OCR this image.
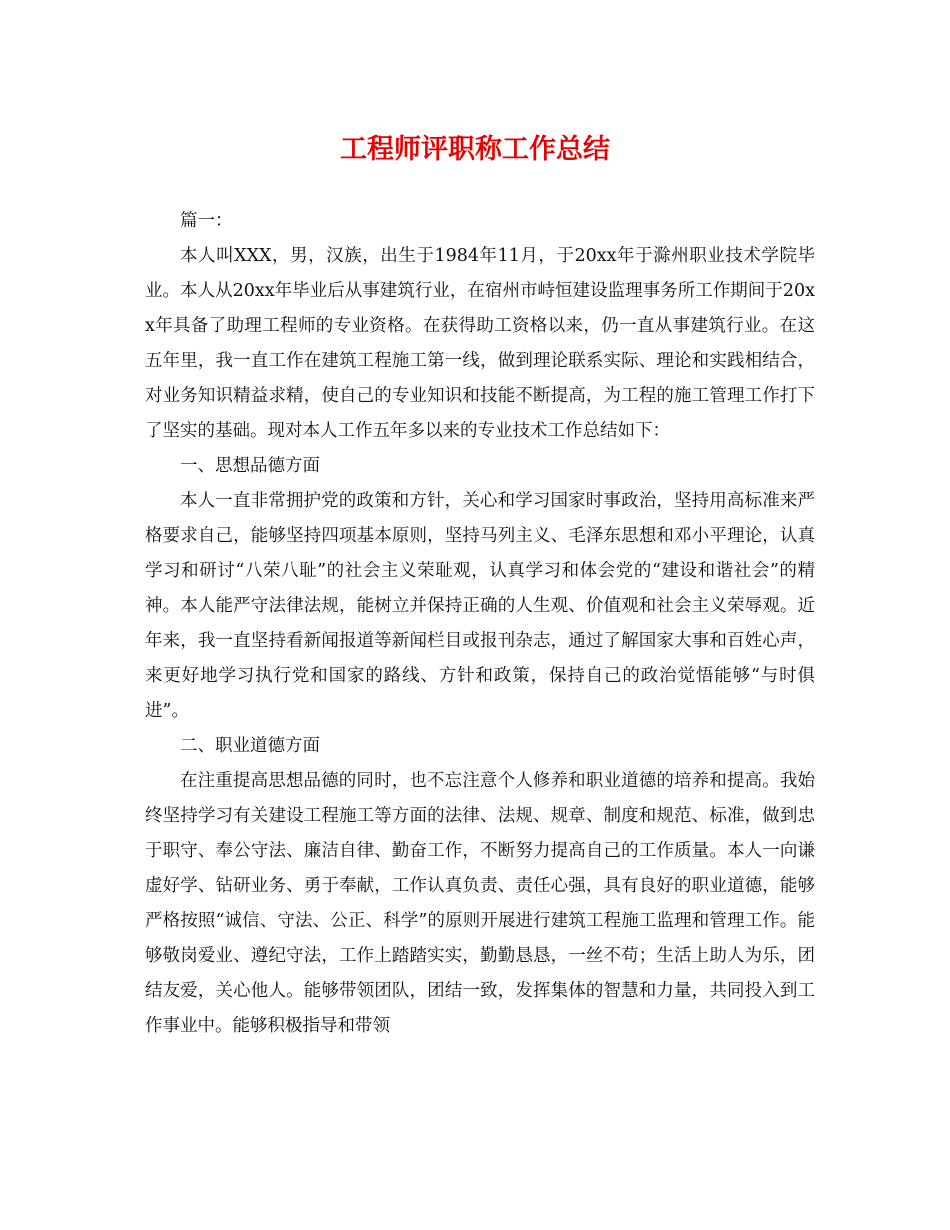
工程师评职称工作总结

篇一：

本人叫XXX，男，汉族，出生于1984年11月，于20xx年于滁州职业技术学院毕业。本人从20xx年毕业后从事建筑行业，在宿州市峙恒建设监理事务所工作期间于20xx年具备了助理工程师的专业资格。在获得助工资格以来，仍一直从事建筑行业。在这五年里，我一直工作在建筑工程施工第一线，做到理论联系实际、理论和实践相结合，对业务知识精益求精，使自己的专业知识和技能不断提高，为工程的施工管理工作打下了坚实的基础。现对本人工作五年多以来的专业技术工作总结如下：

一、思想品德方面

本人一直非常拥护党的政策和方针，关心和学习国家时事政治，坚持用高标准来严格要求自己，能够坚持四项基本原则，坚持马列主义、毛泽东思想和邓小平理论，认真学习和研讨“八荣八耻”的社会主义荣耻观，认真学习和体会党的“建设和谐社会”的精神。本人能严守法律法规，能树立并保持正确的人生观、价值观和社会主义荣辱观。近年来，我一直坚持看新闻报道等新闻栏目或报刊杂志，通过了解国家大事和百姓心声，来更好地学习执行党和国家的路线、方针和政策，保持自己的政治觉悟能够“与时俱进”。

二、职业道德方面

在注重提高思想品德的同时，也不忘注意个人修养和职业道德的培养和提高。我始终坚持学习有关建设工程施工等方面的法律、法规、规章、制度和规范、标准，做到忠于职守、奉公守法、廉洁自律、勤奋工作，不断努力提高自己的工作质量。本人一向谦虚好学、钻研业务、勇于奉献，工作认真负责、责任心强，具有良好的职业道德，能够严格按照“诚信、守法、公正、科学”的原则开展进行建筑工程施工监理和管理工作。能够敬岗爱业、遵纪守法，工作上踏踏实实，勤勤恳恳，一丝不苟；生活上助人为乐，团结友爱，关心他人。能够带领团队，团结一致，发挥集体的智慧和力量，共同投入到工作事业中。能够积极指导和带领
